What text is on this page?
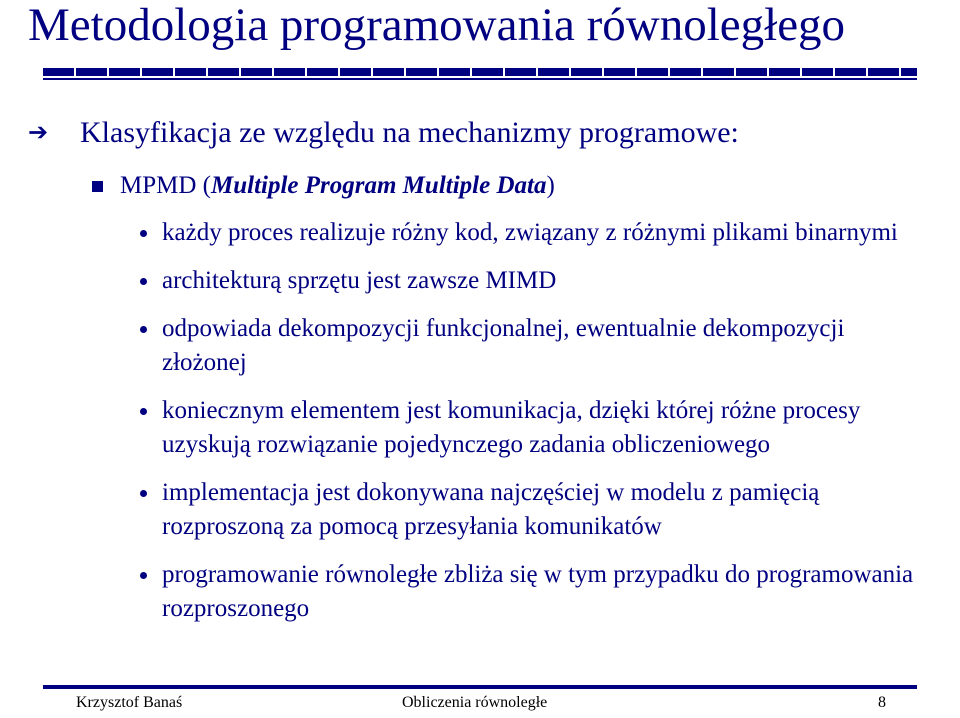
Metodologia programowania równoległego
➔ Klasyfikacja ze względu na mechanizmy programowe:
MPMD (Multiple Program Multiple Data)
każdy proces realizuje różny kod, związany z różnymi plikami binarnymi
architekturą sprzętu jest zawsze MIMD
odpowiada dekompozycji funkcjonalnej, ewentualnie dekompozycji złożonej
koniecznym elementem jest komunikacja, dzięki której różne procesy uzyskują rozwiązanie pojedynczego zadania obliczeniowego
implementacja jest dokonywana najczęściej w modelu z pamięcią rozproszoną za pomocą przesyłania komunikatów
programowanie równoległe zbliża się w tym przypadku do programowania rozproszonego
Krzysztof Banaś	Obliczenia równoległe	8
